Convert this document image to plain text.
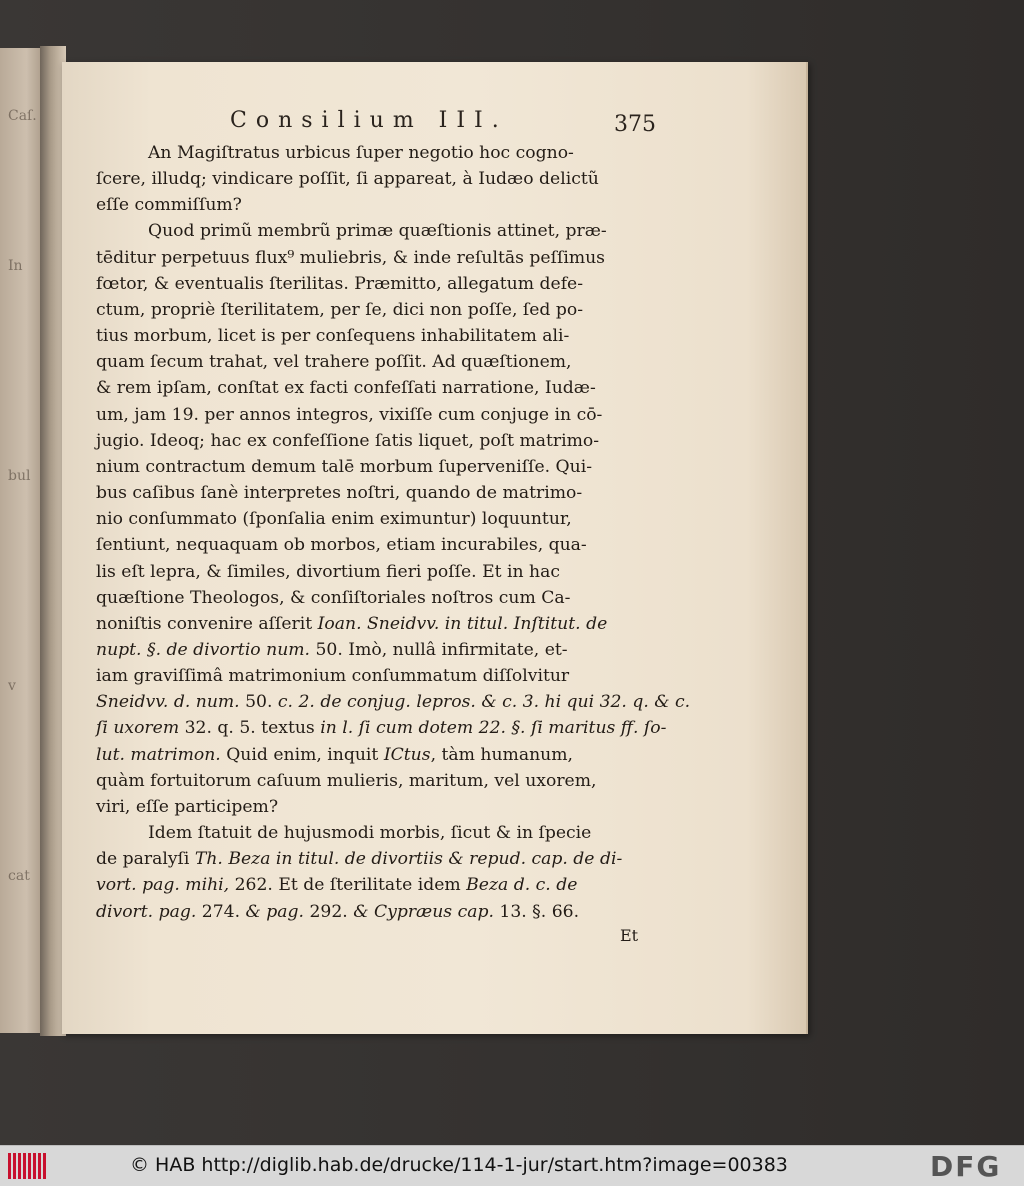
Caſ.
In
bul
v
cat
Consilium III.	375
An Magiſtratus urbicus ſuper negotio hoc cogno-
ſcere, illudq; vindicare poſſit, ſi appareat, à Iudæo delictũ
eſſe commiſſum?
Quod primũ membrũ primæ quæſtionis attinet, præ-
tēditur perpetuus flux⁹ muliebris, & inde reſultās peſſimus
fœtor, & eventualis ſterilitas. Præmitto, allegatum defe-
ctum, propriè ſterilitatem, per ſe, dici non poſſe, ſed po-
tius morbum, licet is per conſequens inhabilitatem ali-
quam ſecum trahat, vel trahere poſſit. Ad quæſtionem,
& rem ipſam, conſtat ex facti confeſſati narratione, Iudæ-
um, jam 19. per annos integros, vixiſſe cum conjuge in cō-
jugio. Ideoq; hac ex confeſſione ſatis liquet, poſt matrimo-
nium contractum demum talē morbum ſuperveniſſe. Qui-
bus caſibus ſanè interpretes noſtri, quando de matrimo-
nio conſummato (ſponſalia enim eximuntur) loquuntur,
ſentiunt, nequaquam ob morbos, etiam incurabiles, qua-
lis eſt lepra, & ſimiles, divortium fieri poſſe. Et in hac
quæſtione Theologos, & conſiſtoriales noſtros cum Ca-
noniſtis convenire aſſerit Ioan. Sneidvv. in titul. Inſtitut. de
nupt. §. de divortio num. 50. Imò, nullâ infirmitate, et-
iam graviſſimâ matrimonium conſummatum diſſolvitur
Sneidvv. d. num. 50. c. 2. de conjug. lepros. & c. 3. hi qui 32. q. & c.
ſi uxorem 32. q. 5. textus in l. ſi cum dotem 22. §. ſi maritus ff. ſo-
lut. matrimon. Quid enim, inquit ICtus, tàm humanum,
quàm fortuitorum caſuum mulieris, maritum, vel uxorem,
viri, eſſe participem?
Idem ſtatuit de hujusmodi morbis, ſicut & in ſpecie
de paralyſi Th. Beza in titul. de divortiis & repud. cap. de di-
vort. pag. mihi, 262. Et de ſterilitate idem Beza d. c. de
divort. pag. 274. & pag. 292. & Cypræus cap. 13. §. 66.
Et
© HAB http://diglib.hab.de/drucke/114-1-jur/start.htm?image=00383	DFG
